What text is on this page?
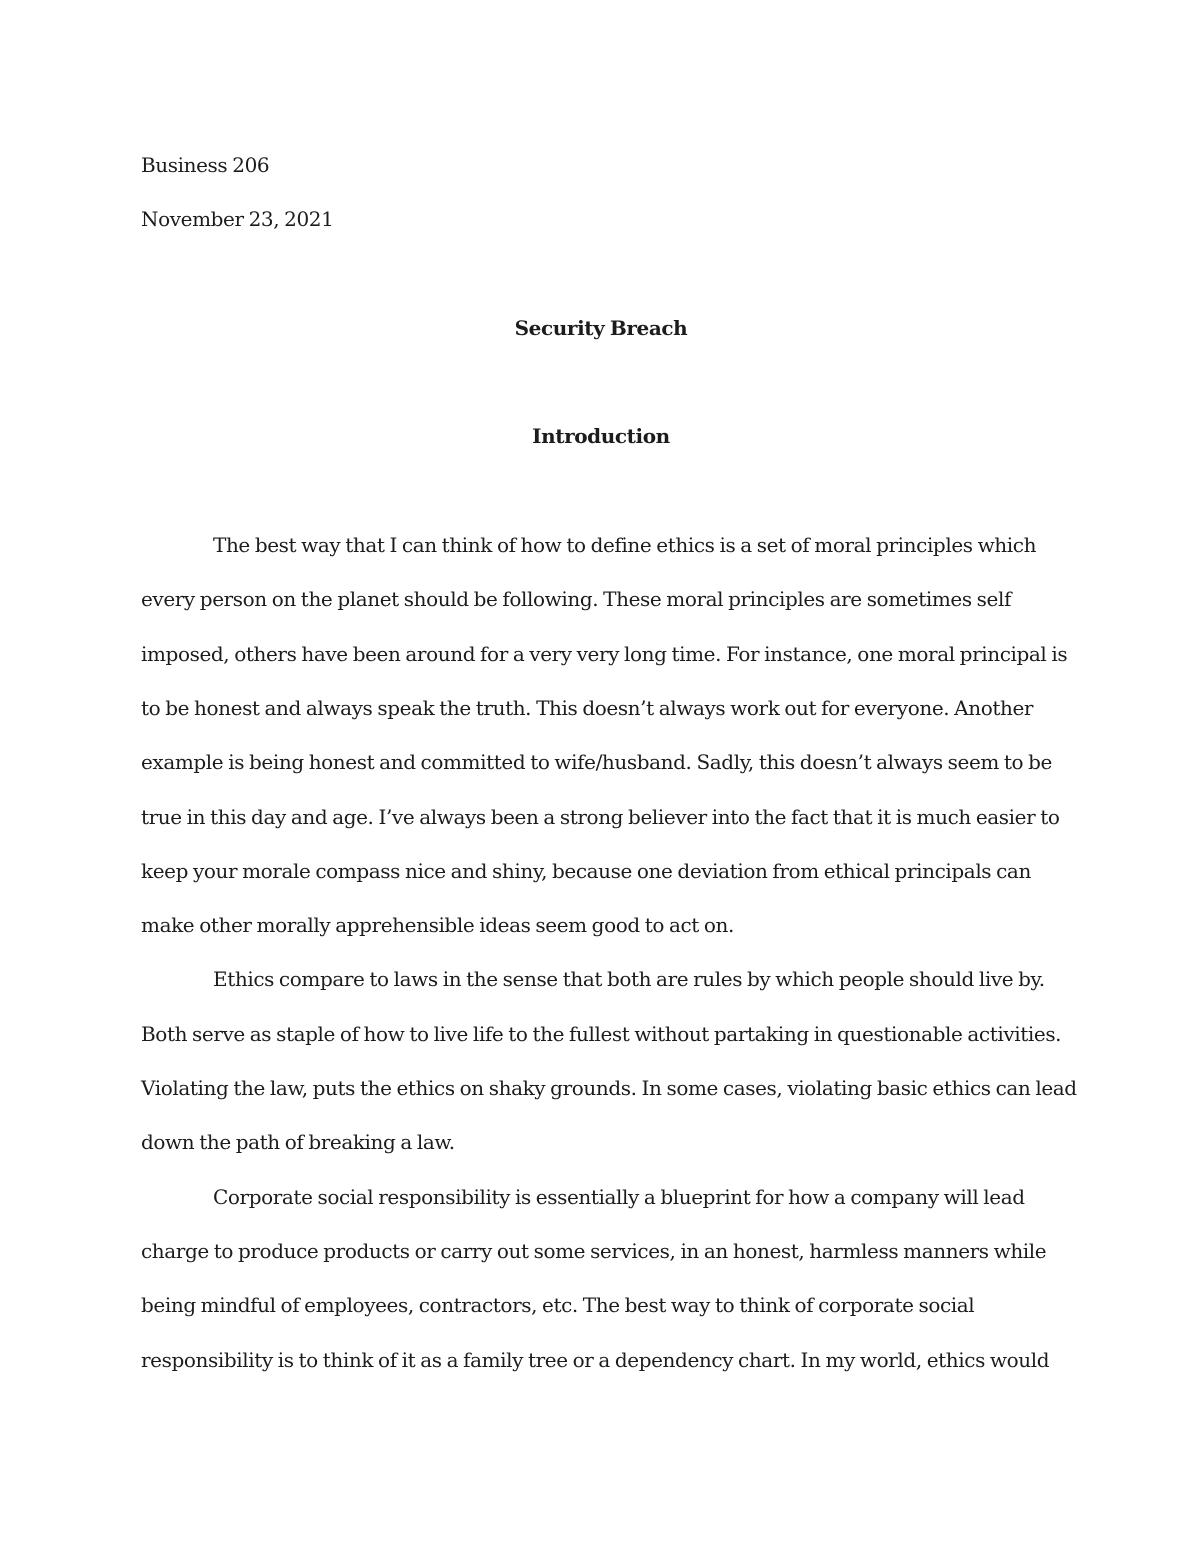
Business 206

November 23, 2021

Security Breach

Introduction

The best way that I can think of how to define ethics is a set of moral principles which
every person on the planet should be following. These moral principles are sometimes self
imposed, others have been around for a very very long time. For instance, one moral principal is
to be honest and always speak the truth. This doesn’t always work out for everyone. Another
example is being honest and committed to wife/husband. Sadly, this doesn’t always seem to be
true in this day and age. I’ve always been a strong believer into the fact that it is much easier to
keep your morale compass nice and shiny, because one deviation from ethical principals can
make other morally apprehensible ideas seem good to act on.
Ethics compare to laws in the sense that both are rules by which people should live by.
Both serve as staple of how to live life to the fullest without partaking in questionable activities.
Violating the law, puts the ethics on shaky grounds. In some cases, violating basic ethics can lead
down the path of breaking a law.
Corporate social responsibility is essentially a blueprint for how a company will lead
charge to produce products or carry out some services, in an honest, harmless manners while
being mindful of employees, contractors, etc. The best way to think of corporate social
responsibility is to think of it as a family tree or a dependency chart. In my world, ethics would
